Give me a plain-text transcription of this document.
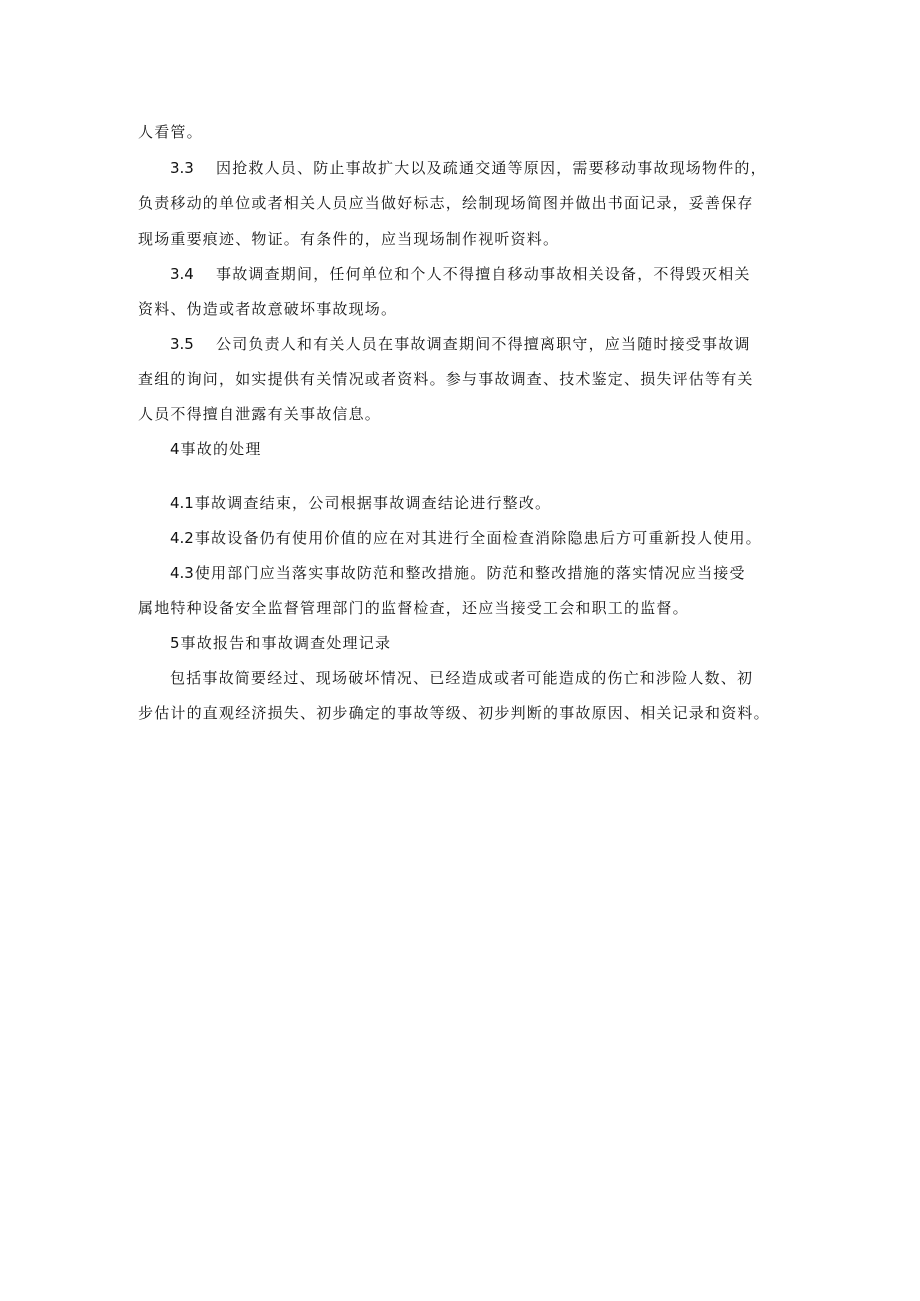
人看管。
3.3 因抢救人员、防止事故扩大以及疏通交通等原因，需要移动事故现场物件的，
负责移动的单位或者相关人员应当做好标志，绘制现场简图并做出书面记录，妥善保存
现场重要痕迹、物证。有条件的，应当现场制作视听资料。
3.4 事故调查期间，任何单位和个人不得擅自移动事故相关设备，不得毁灭相关
资料、伪造或者故意破坏事故现场。
3.5 公司负责人和有关人员在事故调查期间不得擅离职守，应当随时接受事故调
查组的询问，如实提供有关情况或者资料。参与事故调查、技术鉴定、损失评估等有关
人员不得擅自泄露有关事故信息。
4事故的处理
4.1事故调查结束，公司根据事故调查结论进行整改。
4.2事故设备仍有使用价值的应在对其进行全面检查消除隐患后方可重新投人使用。
4.3使用部门应当落实事故防范和整改措施。防范和整改措施的落实情况应当接受
属地特种设备安全监督管理部门的监督检查，还应当接受工会和职工的监督。
5事故报告和事故调查处理记录
包括事故简要经过、现场破坏情况、已经造成或者可能造成的伤亡和涉险人数、初
步估计的直观经济损失、初步确定的事故等级、初步判断的事故原因、相关记录和资料。
